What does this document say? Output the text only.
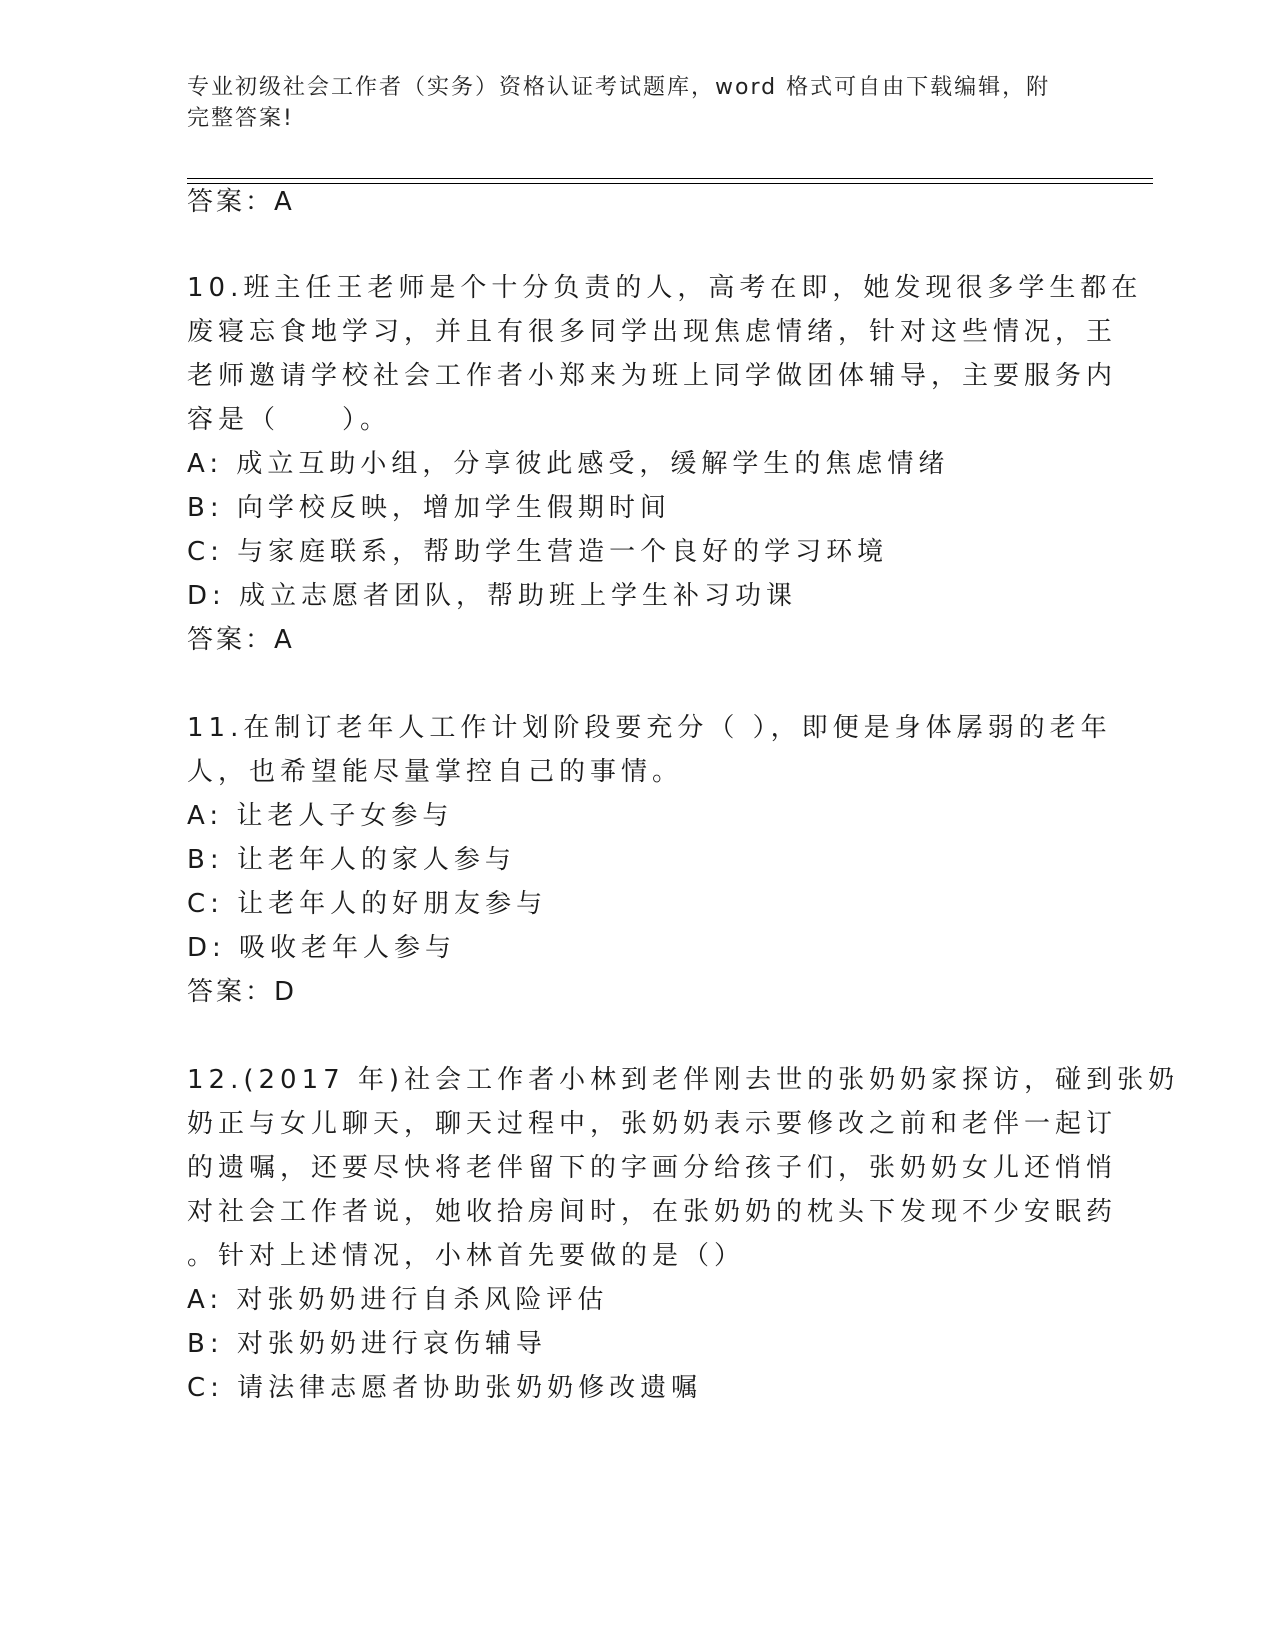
专业初级社会工作者（实务）资格认证考试题库，word 格式可自由下载编辑，附
完整答案!
答案：A
10.班主任王老师是个十分负责的人，高考在即，她发现很多学生都在
废寝忘食地学习，并且有很多同学出现焦虑情绪，针对这些情况，王
老师邀请学校社会工作者小郑来为班上同学做团体辅导，主要服务内
容是（　　）。
A: 成立互助小组，分享彼此感受，缓解学生的焦虑情绪
B: 向学校反映，增加学生假期时间
C: 与家庭联系，帮助学生营造一个良好的学习环境
D: 成立志愿者团队，帮助班上学生补习功课
答案：A
11.在制订老年人工作计划阶段要充分（ ），即便是身体孱弱的老年
人，也希望能尽量掌控自己的事情。
A: 让老人子女参与
B: 让老年人的家人参与
C: 让老年人的好朋友参与
D: 吸收老年人参与
答案：D
12.(2017 年)社会工作者小林到老伴刚去世的张奶奶家探访，碰到张奶
奶正与女儿聊天，聊天过程中，张奶奶表示要修改之前和老伴一起订
的遗嘱，还要尽快将老伴留下的字画分给孩子们，张奶奶女儿还悄悄
对社会工作者说，她收拾房间时，在张奶奶的枕头下发现不少安眠药
。针对上述情况，小林首先要做的是（）
A: 对张奶奶进行自杀风险评估
B: 对张奶奶进行哀伤辅导
C: 请法律志愿者协助张奶奶修改遗嘱
